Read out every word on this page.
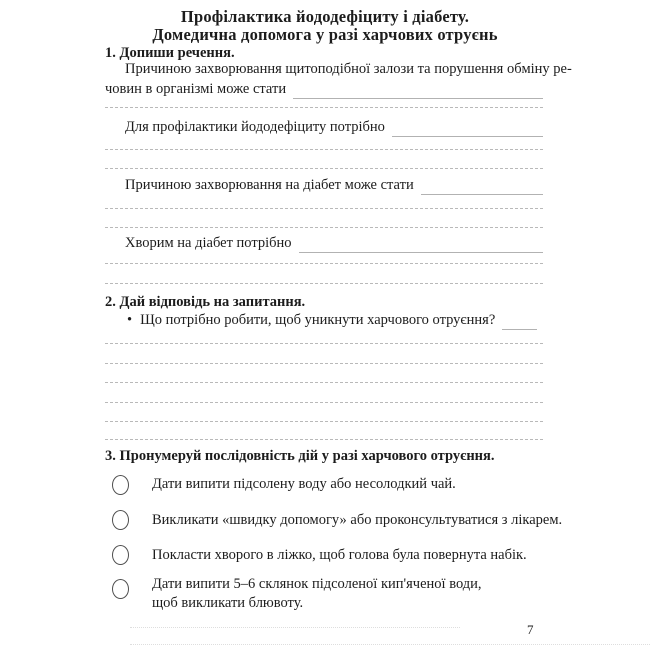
Профілактика йододефіциту і діабету.
Домедична допомога у разі харчових отруєнь
1. Допиши речення.
Причиною захворювання щитоподібної залози та порушення обміну ре-
човин в організмі може стати
Для профілактики йододефіциту потрібно
Причиною захворювання на діабет може стати
Хворим на діабет потрібно
2. Дай відповідь на запитання.
• Що потрібно робити, щоб уникнути харчового отруєння?
3. Пронумеруй послідовність дій у разі харчового отруєння.
Дати випити підсолену воду або несолодкий чай.
Викликати «швидку допомогу» або проконсультуватися з лікарем.
Покласти хворого в ліжко, щоб голова була повернута набік.
Дати випити 5–6 склянок підсоленої кип'яченої води,
щоб викликати блювоту.
7
